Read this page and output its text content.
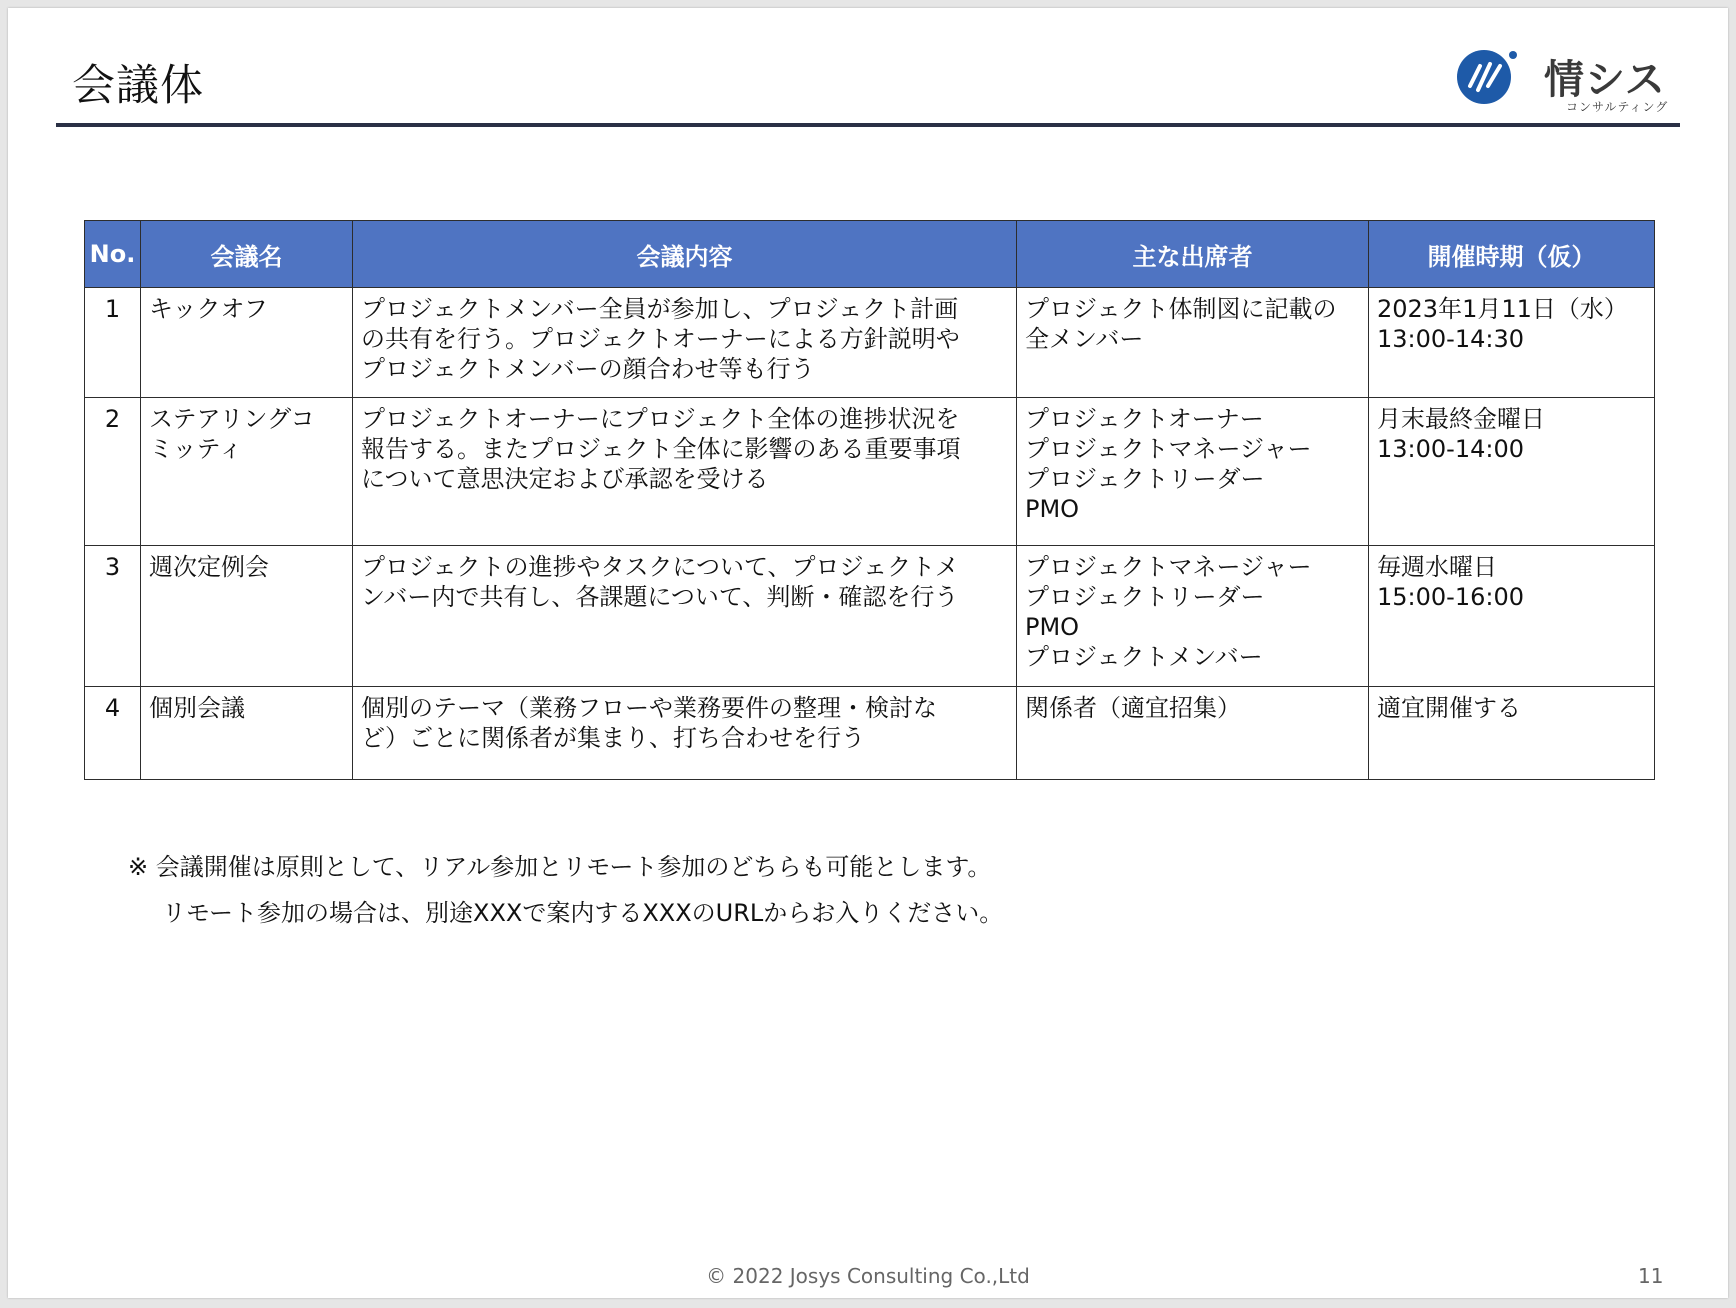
会議体	情シス
コンサルティング
No.	会議名	会議内容	主な出席者	開催時期（仮）
1	キックオフ	プロジェクトメンバー全員が参加し、プロジェクト計画
の共有を行う。プロジェクトオーナーによる方針説明や
プロジェクトメンバーの顔合わせ等も行う	プロジェクト体制図に記載の
全メンバー	2023年1月11日（水）
13:00-14:30
2	ステアリングコ
ミッティ	プロジェクトオーナーにプロジェクト全体の進捗状況を
報告する。またプロジェクト全体に影響のある重要事項
について意思決定および承認を受ける	プロジェクトオーナー
プロジェクトマネージャー
プロジェクトリーダー
PMO	月末最終金曜日
13:00-14:00
3	週次定例会	プロジェクトの進捗やタスクについて、プロジェクトメ
ンバー内で共有し、各課題について、判断・確認を行う	プロジェクトマネージャー
プロジェクトリーダー
PMO
プロジェクトメンバー	毎週水曜日
15:00-16:00
4	個別会議	個別のテーマ（業務フローや業務要件の整理・検討な
ど）ごとに関係者が集まり、打ち合わせを行う	関係者（適宜招集）	適宜開催する
※ 会議開催は原則として、リアル参加とリモート参加のどちらも可能とします。
リモート参加の場合は、別途XXXで案内するXXXのURLからお入りください。
© 2022 Josys Consulting Co.,Ltd	11
